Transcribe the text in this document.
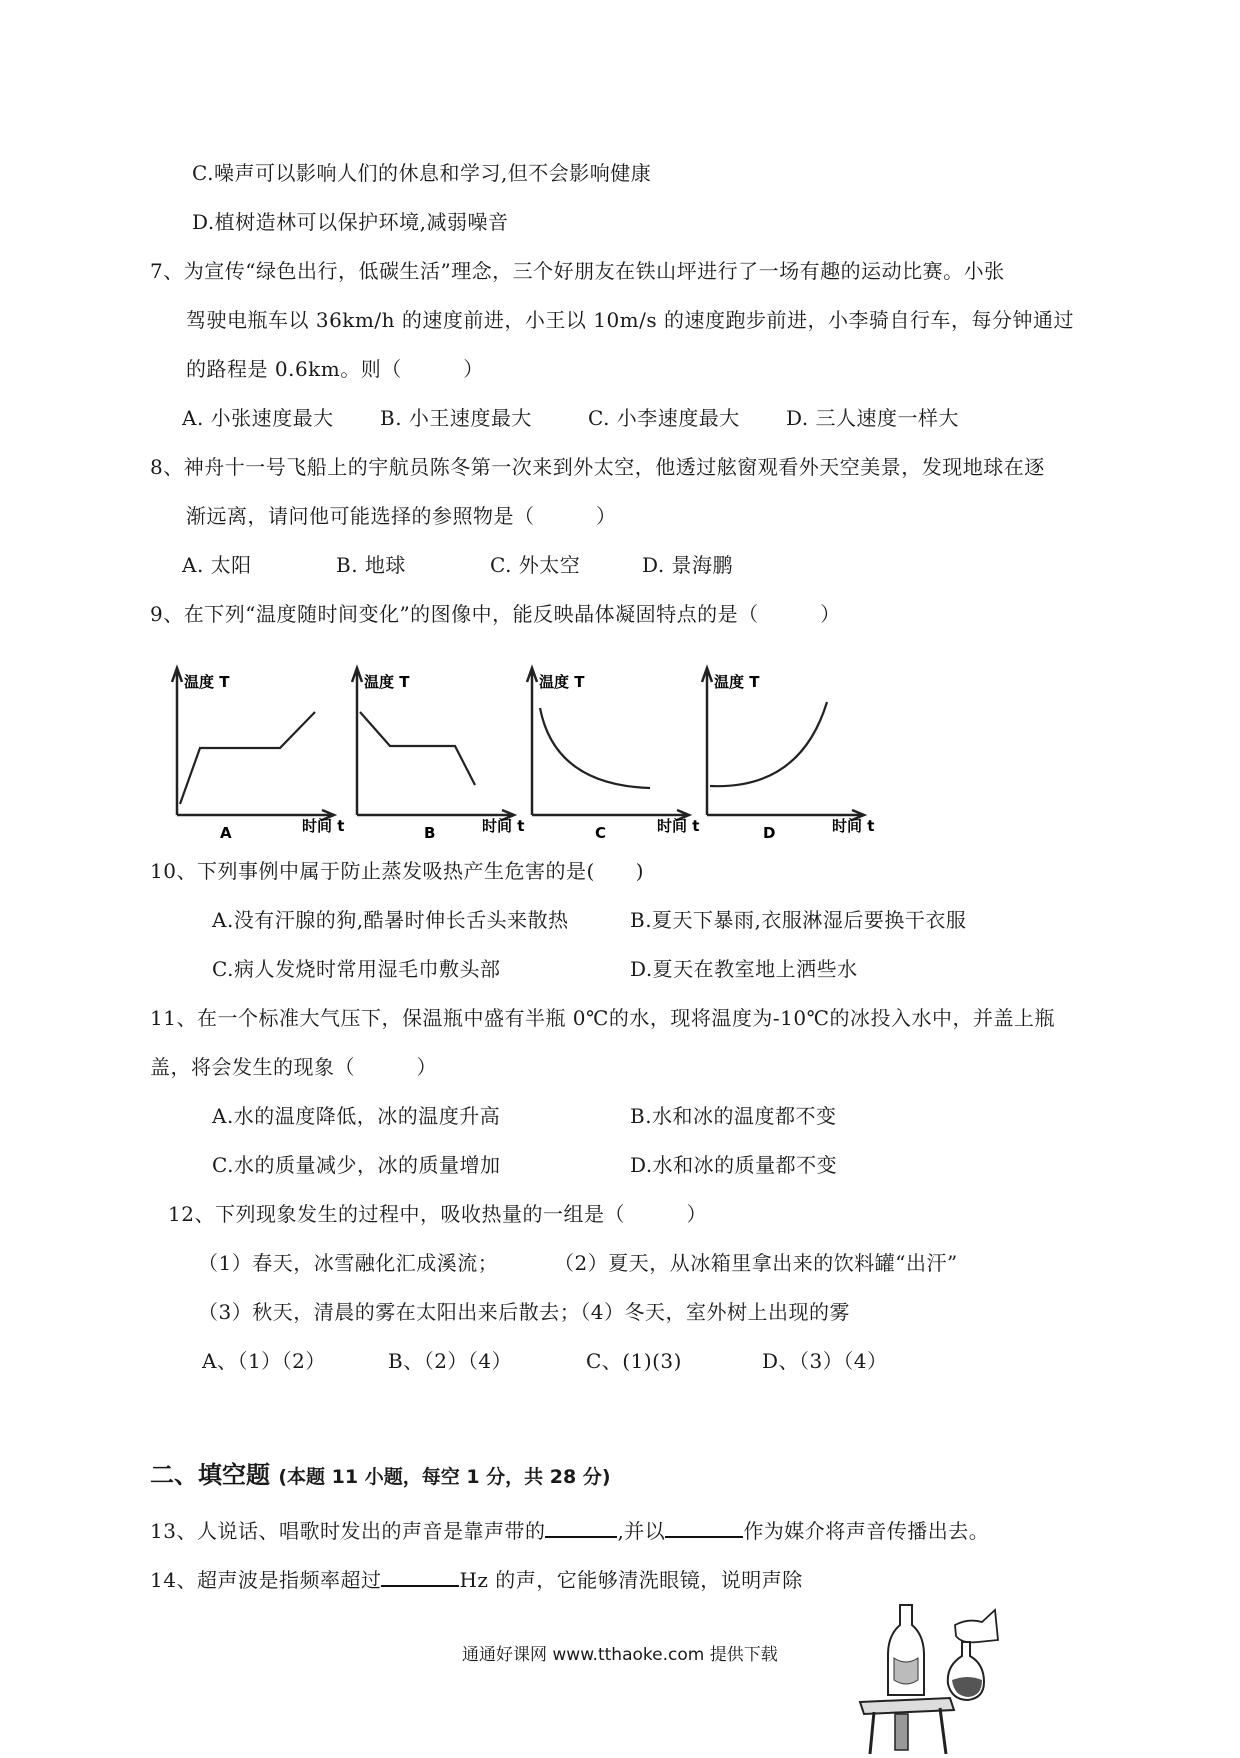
C.噪声可以影响人们的休息和学习,但不会影响健康
D.植树造林可以保护环境,减弱噪音
7、为宣传“绿色出行，低碳生活”理念，三个好朋友在铁山坪进行了一场有趣的运动比赛。小张
驾驶电瓶车以 36km/h 的速度前进，小王以 10m/s 的速度跑步前进，小李骑自行车，每分钟通过
的路程是 0.6km。则（　　　）
A. 小张速度最大 B. 小王速度最大	C. 小李速度最大 D. 三人速度一样大
8、神舟十一号飞船上的宇航员陈冬第一次来到外太空，他透过舷窗观看外天空美景，发现地球在逐
渐远离，请问他可能选择的参照物是（　　　）
A. 太阳	B. 地球	C. 外太空	D. 景海鹏
9、在下列“温度随时间变化”的图像中，能反映晶体凝固特点的是（　　　）
温度 T
A	时间 t
温度 T
B	时间 t
温度 T
C	时间 t
温度 T
D	时间 t
10、下列事例中属于防止蒸发吸热产生危害的是(　　)
A.没有汗腺的狗,酷暑时伸长舌头来散热	B.夏天下暴雨,衣服淋湿后要换干衣服
C.病人发烧时常用湿毛巾敷头部	D.夏天在教室地上洒些水
11、在一个标准大气压下，保温瓶中盛有半瓶 0℃的水，现将温度为-10℃的冰投入水中，并盖上瓶
盖，将会发生的现象（　　　）
A.水的温度降低，冰的温度升高	B.水和冰的温度都不变
C.水的质量减少，冰的质量增加	D.水和冰的质量都不变
12、下列现象发生的过程中，吸收热量的一组是（　　　）
（1）春天，冰雪融化汇成溪流；	（2）夏天，从冰箱里拿出来的饮料罐“出汗”
（3）秋天，清晨的雾在太阳出来后散去；（4）冬天，室外树上出现的雾
A、（1）（2）	B、（2）（4）	C、(1)(3)	D、（3）（4）
二、填空题 (本题 11 小题，每空 1 分，共 28 分)
13、人说话、唱歌时发出的声音是靠声带的	,并以	作为媒介将声音传播出去。
14、超声波是指频率超过	Hz 的声，它能够清洗眼镜，说明声除
通通好课网 www.tthaoke.com 提供下载
